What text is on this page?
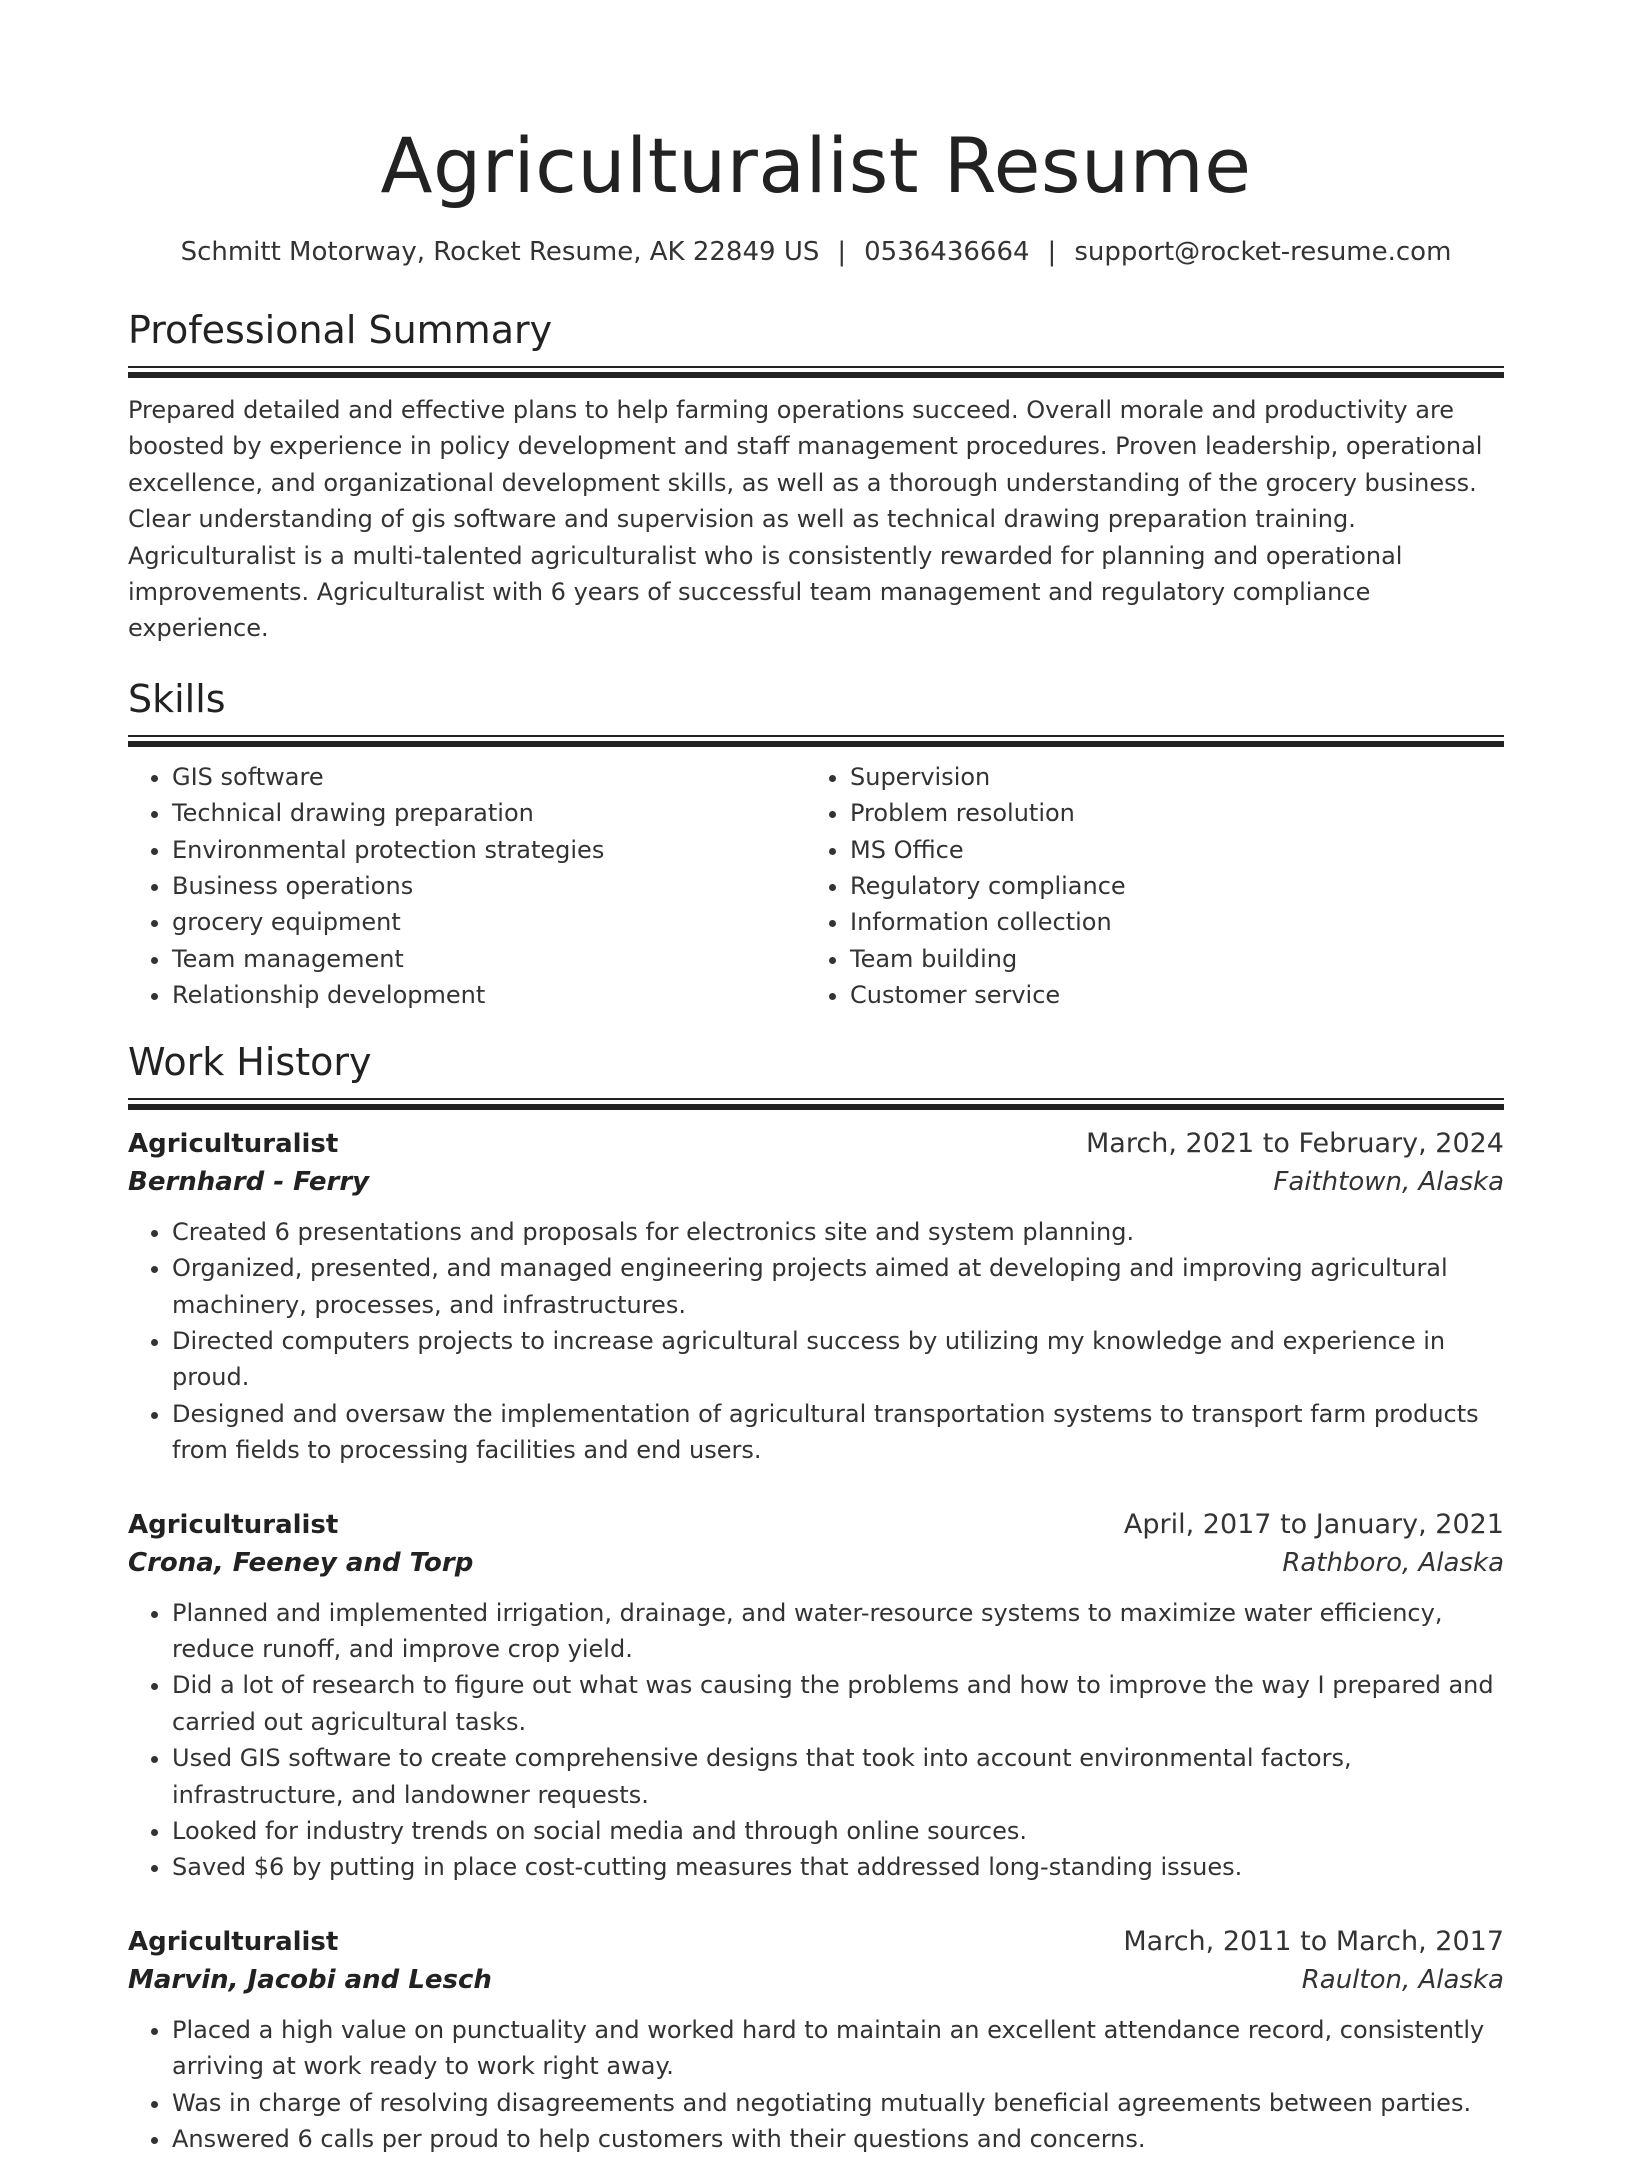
Agriculturalist Resume
Schmitt Motorway, Rocket Resume, AK 22849 US | 0536436664 | support@rocket-resume.com
Professional Summary

Prepared detailed and effective plans to help farming operations succeed. Overall morale and productivity are boosted by experience in policy development and staff management procedures. Proven leadership, operational excellence, and organizational development skills, as well as a thorough understanding of the grocery business. Clear understanding of gis software and supervision as well as technical drawing preparation training. Agriculturalist is a multi-talented agriculturalist who is consistently rewarded for planning and operational improvements. Agriculturalist with 6 years of successful team management and regulatory compliance experience.

Skills
• GIS software
• Technical drawing preparation
• Environmental protection strategies
• Business operations
• grocery equipment
• Team management
• Relationship development
• Supervision
• Problem resolution
• MS Office
• Regulatory compliance
• Information collection
• Team building
• Customer service
Work History
Agriculturalist	March, 2021 to February, 2024
Bernhard - Ferry	Faithtown, Alaska
• Created 6 presentations and proposals for electronics site and system planning.
• Organized, presented, and managed engineering projects aimed at developing and improving agricultural machinery, processes, and infrastructures.
• Directed computers projects to increase agricultural success by utilizing my knowledge and experience in proud.
• Designed and oversaw the implementation of agricultural transportation systems to transport farm products from fields to processing facilities and end users.
Agriculturalist	April, 2017 to January, 2021
Crona, Feeney and Torp	Rathboro, Alaska
• Planned and implemented irrigation, drainage, and water-resource systems to maximize water efficiency, reduce runoff, and improve crop yield.
• Did a lot of research to figure out what was causing the problems and how to improve the way I prepared and carried out agricultural tasks.
• Used GIS software to create comprehensive designs that took into account environmental factors, infrastructure, and landowner requests.
• Looked for industry trends on social media and through online sources.
• Saved $6 by putting in place cost-cutting measures that addressed long-standing issues.
Agriculturalist	March, 2011 to March, 2017
Marvin, Jacobi and Lesch	Raulton, Alaska
• Placed a high value on punctuality and worked hard to maintain an excellent attendance record, consistently arriving at work ready to work right away.
• Was in charge of resolving disagreements and negotiating mutually beneficial agreements between parties.
• Answered 6 calls per proud to help customers with their questions and concerns.
